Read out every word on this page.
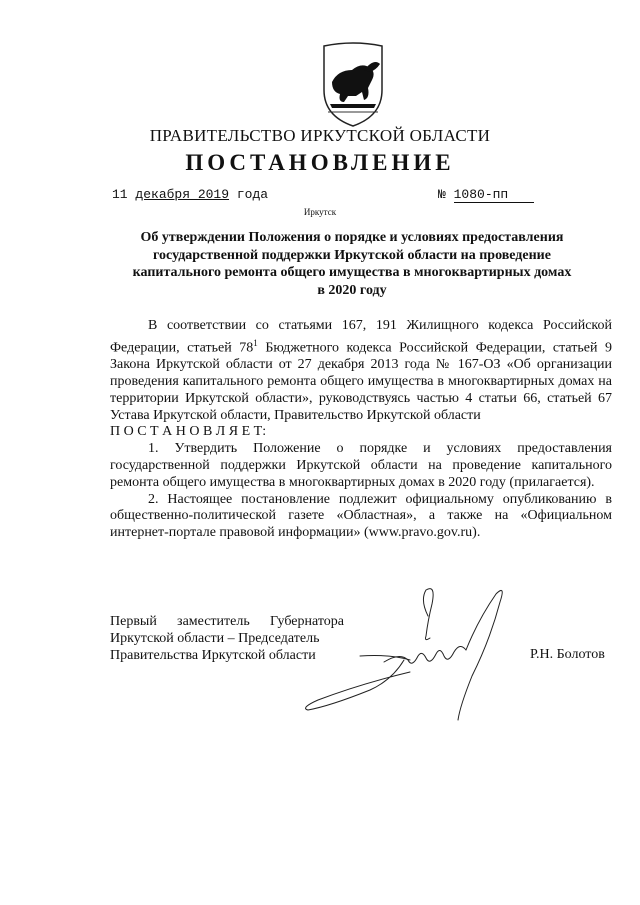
ПРАВИТЕЛЬСТВО ИРКУТСКОЙ ОБЛАСТИ
ПОСТАНОВЛЕНИЕ
11 декабря 2019 года	№ 1080-пп
Иркутск
Об утверждении Положения о порядке и условиях предоставления
государственной поддержки Иркутской области на проведение
капитального ремонта общего имущества в многоквартирных домах
в 2020 году

В соответствии со статьями 167, 191 Жилищного кодекса Российской Федерации, статьей $78^1$ Бюджетного кодекса Российской Федерации, статьей 9 Закона Иркутской области от 27 декабря 2013 года № 167-ОЗ «Об организации проведения капитального ремонта общего имущества в многоквартирных домах на территории Иркутской области», руководствуясь частью 4 статьи 66, статьей 67 Устава Иркутской области, Правительство Иркутской области

П О С Т А Н О В Л Я Е Т:

1. Утвердить Положение о порядке и условиях предоставления государственной поддержки Иркутской области на проведение капитального ремонта общего имущества в многоквартирных домах в 2020 году (прилагается).

2. Настоящее постановление подлежит официальному опубликованию в общественно-политической газете «Областная», а также на «Официальном интернет-портале правовой информации» (www.pravo.gov.ru).

Первый заместитель Губернатора

Иркутской области – Председатель

Правительства Иркутской области	Р.Н. Болотов
